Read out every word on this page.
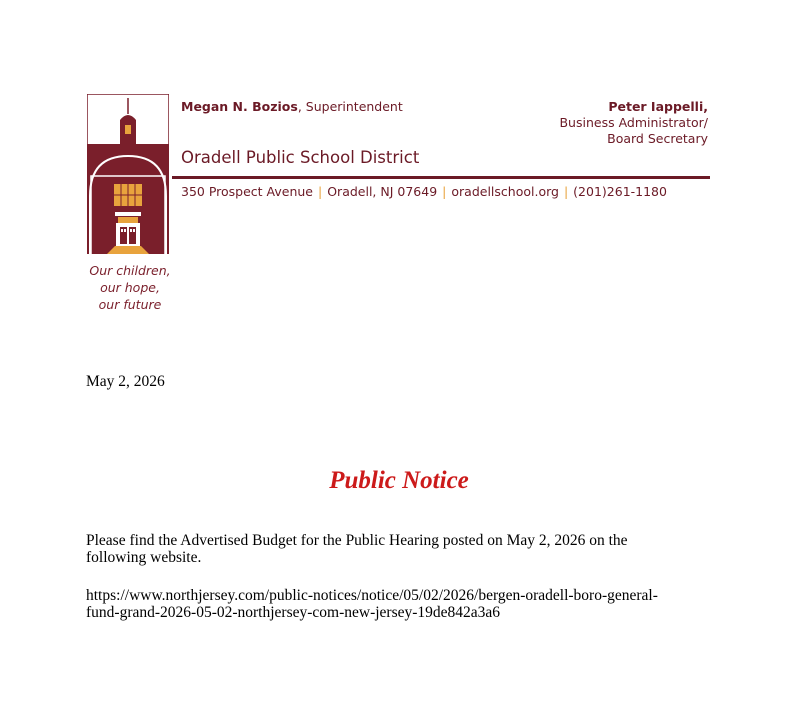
Our children,
our hope,
our future
Megan N. Bozios, Superintendent	Peter Iappelli,
Business Administrator/
Board Secretary
Oradell Public School District
350 Prospect Avenue | Oradell, NJ 07649 | oradellschool.org | (201)261-1180
May 2, 2026
Public Notice
Please find the Advertised Budget for the Public Hearing posted on May 2, 2026 on the
following website.
https://www.northjersey.com/public-notices/notice/05/02/2026/bergen-oradell-boro-general-
fund-grand-2026-05-02-northjersey-com-new-jersey-19de842a3a6
